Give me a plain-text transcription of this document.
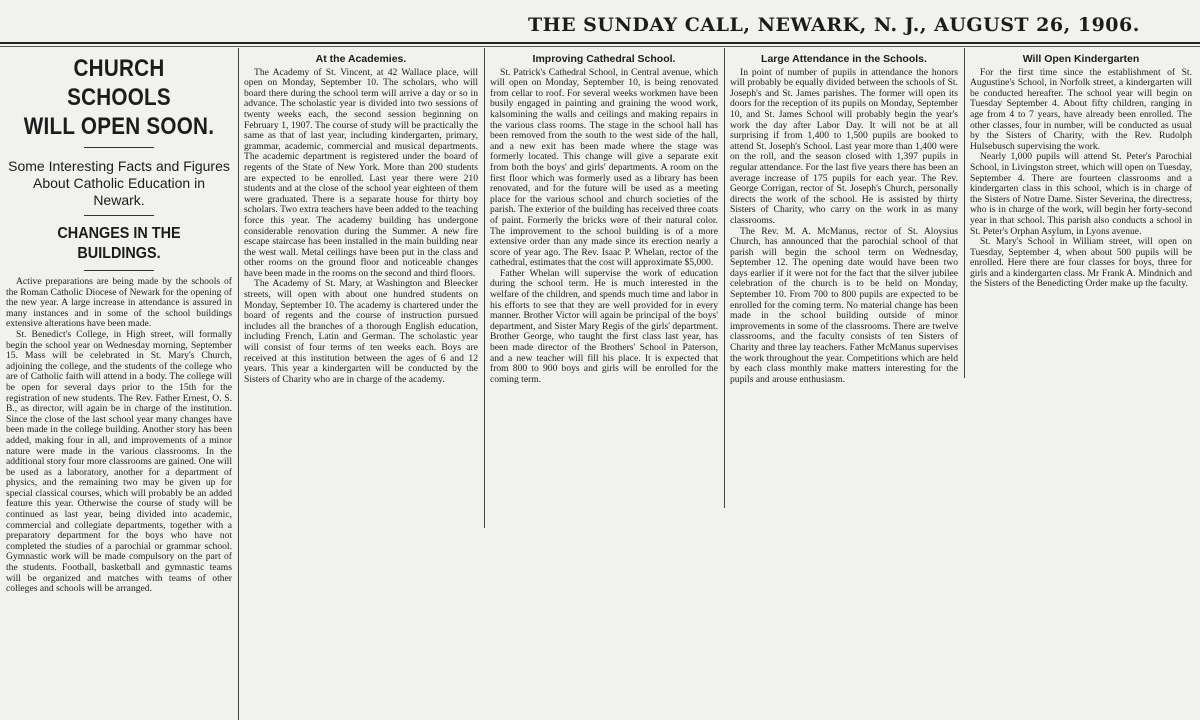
THE SUNDAY CALL, NEWARK, N. J., AUGUST 26, 1906.
CHURCH SCHOOLS
WILL OPEN SOON.
Some Interesting Facts and Figures About Catholic Education in Newark.
CHANGES IN THE BUILDINGS.

Active preparations are being made by the schools of the Roman Catholic Diocese of Newark for the opening of the new year. A large increase in attendance is assured in many instances and in some of the school buildings extensive alterations have been made.

St. Benedict's College, in High street, will formally begin the school year on Wednesday morning, September 15. Mass will be celebrated in St. Mary's Church, adjoining the college, and the students of the college who are of Catholic faith will attend in a body. The college will be open for several days prior to the 15th for the registration of new students. The Rev. Father Ernest, O. S. B., as director, will again be in charge of the institution. Since the close of the last school year many changes have been made in the college building. Another story has been added, making four in all, and improvements of a minor nature were made in the various classrooms. In the additional story four more classrooms are gained. One will be used as a laboratory, another for a department of physics, and the remaining two may be given up for special classical courses, which will probably be an added feature this year. Otherwise the course of study will be continued as last year, being divided into academic, commercial and collegiate departments, together with a preparatory department for the boys who have not completed the studies of a parochial or grammar school. Gymnastic work will be made compulsory on the part of the students. Football, basketball and gymnastic teams will be organized and matches with teams of other colleges and schools will be arranged.

At the Academies.

The Academy of St. Vincent, at 42 Wallace place, will open on Monday, September 10. The scholars, who will board there during the school term will arrive a day or so in advance. The scholastic year is divided into two sessions of twenty weeks each, the second session beginning on February 1, 1907. The course of study will be practically the same as that of last year, including kindergarten, primary, grammar, academic, commercial and musical departments. The academic department is registered under the board of regents of the State of New York. More than 200 students are expected to be enrolled. Last year there were 210 students and at the close of the school year eighteen of them were graduated. There is a separate house for thirty boy scholars. Two extra teachers have been added to the teaching force this year. The academy building has undergone considerable renovation during the Summer. A new fire escape staircase has been installed in the main building near the west wall. Metal ceilings have been put in the class and other rooms on the ground floor and noticeable changes have been made in the rooms on the second and third floors.

The Academy of St. Mary, at Washington and Bleecker streets, will open with about one hundred students on Monday, September 10. The academy is chartered under the board of regents and the course of instruction pursued includes all the branches of a thorough English education, including French, Latin and German. The scholastic year will consist of four terms of ten weeks each. Boys are received at this institution between the ages of 6 and 12 years. This year a kindergarten will be conducted by the Sisters of Charity who are in charge of the academy.

Improving Cathedral School.

St. Patrick's Cathedral School, in Central avenue, which will open on Monday, September 10, is being renovated from cellar to roof. For several weeks workmen have been busily engaged in painting and graining the wood work, kalsomining the walls and ceilings and making repairs in the various class rooms. The stage in the school hall has been removed from the south to the west side of the hall, and a new exit has been made where the stage was formerly located. This change will give a separate exit from both the boys' and girls' departments. A room on the first floor which was formerly used as a library has been renovated, and for the future will be used as a meeting place for the various school and church societies of the parish. The exterior of the building has received three coats of paint. Formerly the bricks were of their natural color. The improvement to the school building is of a more extensive order than any made since its erection nearly a score of year ago. The Rev. Isaac P. Whelan, rector of the cathedral, estimates that the cost will approximate $5,000.

Father Whelan will supervise the work of education during the school term. He is much interested in the welfare of the children, and spends much time and labor in his efforts to see that they are well provided for in every manner. Brother Victor will again be principal of the boys' department, and Sister Mary Regis of the girls' department. Brother George, who taught the first class last year, has been made director of the Brothers' School in Paterson, and a new teacher will fill his place. It is expected that from 800 to 900 boys and girls will be enrolled for the coming term.

Large Attendance in the Schools.

In point of number of pupils in attendance the honors will probably be equally divided between the schools of St. Joseph's and St. James parishes. The former will open its doors for the reception of its pupils on Monday, September 10, and St. James School will probably begin the year's work the day after Labor Day. It will not be at all surprising if from 1,400 to 1,500 pupils are booked to attend St. Joseph's School. Last year more than 1,400 were on the roll, and the season closed with 1,397 pupils in regular attendance. For the last five years there has been an average increase of 175 pupils for each year. The Rev. George Corrigan, rector of St. Joseph's Church, personally directs the work of the school. He is assisted by thirty Sisters of Charity, who carry on the work in as many classrooms.

The Rev. M. A. McManus, rector of St. Aloysius Church, has announced that the parochial school of that parish will begin the school term on Wednesday, September 12. The opening date would have been two days earlier if it were not for the fact that the silver jubilee celebration of the church is to be held on Monday, September 10. From 700 to 800 pupils are expected to be enrolled for the coming term. No material change has been made in the school building outside of minor improvements in some of the classrooms. There are twelve classrooms, and the faculty consists of ten Sisters of Charity and three lay teachers. Father McManus supervises the work throughout the year. Competitions which are held by each class monthly make matters interesting for the pupils and arouse enthusiasm.

Will Open Kindergarten

For the first time since the establishment of St. Augustine's School, in Norfolk street, a kindergarten will be conducted hereafter. The school year will begin on Tuesday September 4. About fifty children, ranging in age from 4 to 7 years, have already been enrolled. The other classes, four in number, will be conducted as usual by the Sisters of Charity, with the Rev. Rudolph Hulsebusch supervising the work.

Nearly 1,000 pupils will attend St. Peter's Parochial School, in Livingston street, which will open on Tuesday, September 4. There are fourteen classrooms and a kindergarten class in this school, which is in charge of the Sisters of Notre Dame. Sister Severina, the directress, who is in charge of the work, will begin her forty-second year in that school. This parish also conducts a school in St. Peter's Orphan Asylum, in Lyons avenue.

St. Mary's School in William street, will open on Tuesday, September 4, when about 500 pupils will be enrolled. Here there are four classes for boys, three for girls and a kindergarten class. Mr Frank A. Mindnich and the Sisters of the Benedicting Order make up the faculty.
